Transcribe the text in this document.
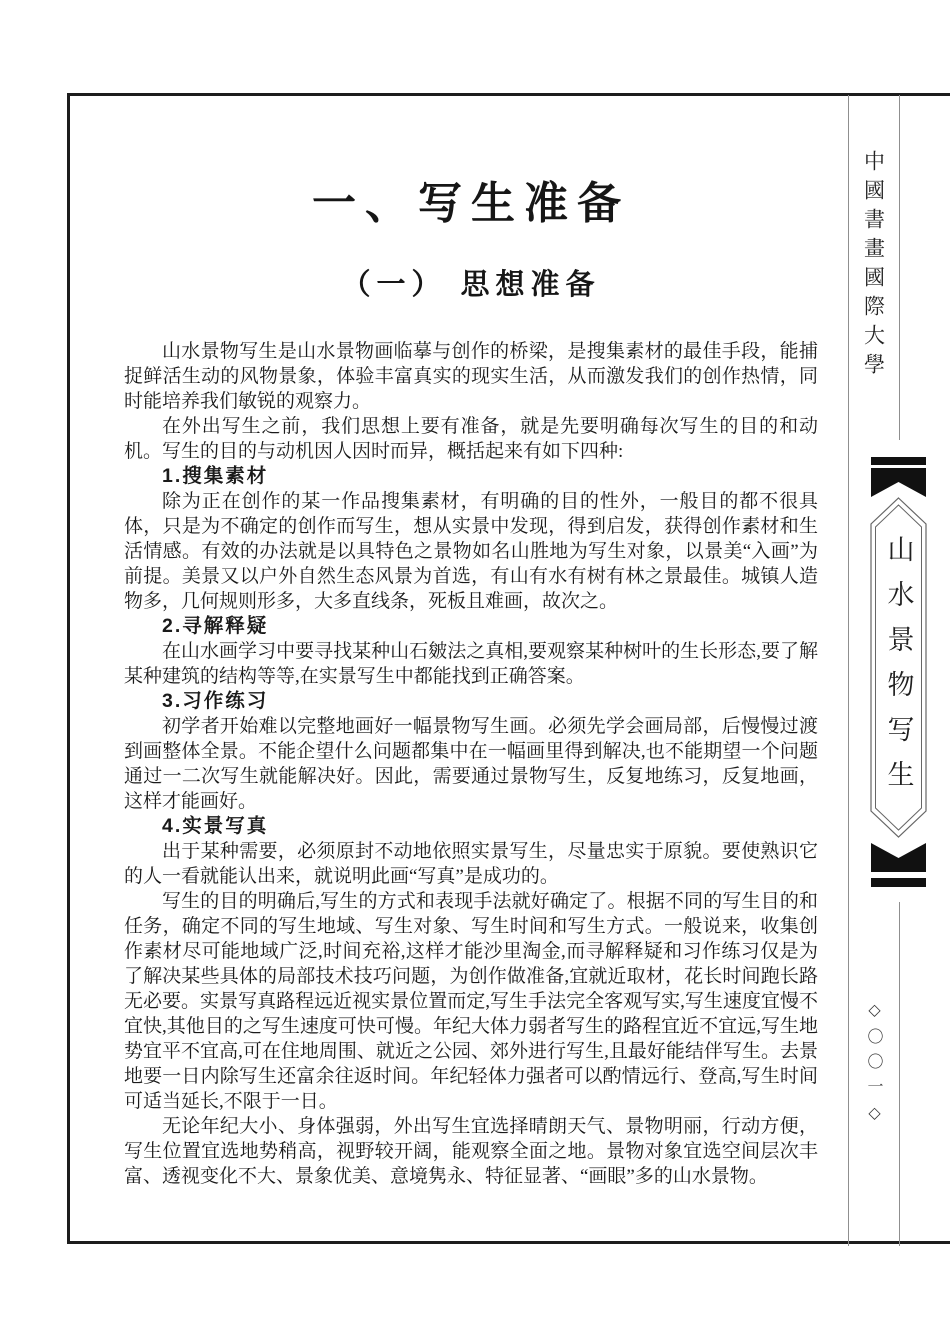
一、写生准备
（一） 思想准备

山水景物写生是山水景物画临摹与创作的桥梁，是搜集素材的最佳手段，能捕捉鲜活生动的风物景象，体验丰富真实的现实生活，从而激发我们的创作热情，同时能培养我们敏锐的观察力。

在外出写生之前，我们思想上要有准备，就是先要明确每次写生的目的和动机。写生的目的与动机因人因时而异，概括起来有如下四种:

1.搜集素材

除为正在创作的某一作品搜集素材，有明确的目的性外，一般目的都不很具体，只是为不确定的创作而写生，想从实景中发现，得到启发，获得创作素材和生活情感。有效的办法就是以具特色之景物如名山胜地为写生对象，以景美“入画”为前提。美景又以户外自然生态风景为首选，有山有水有树有林之景最佳。城镇人造物多，几何规则形多，大多直线条，死板且难画，故次之。

2.寻解释疑

在山水画学习中要寻找某种山石皴法之真相,要观察某种树叶的生长形态,要了解某种建筑的结构等等,在实景写生中都能找到正确答案。

3.习作练习

初学者开始难以完整地画好一幅景物写生画。必须先学会画局部，后慢慢过渡到画整体全景。不能企望什么问题都集中在一幅画里得到解决,也不能期望一个问题通过一二次写生就能解决好。因此，需要通过景物写生，反复地练习，反复地画，这样才能画好。

4.实景写真

出于某种需要，必须原封不动地依照实景写生，尽量忠实于原貌。要使熟识它的人一看就能认出来，就说明此画“写真”是成功的。

写生的目的明确后,写生的方式和表现手法就好确定了。根据不同的写生目的和任务，确定不同的写生地域、写生对象、写生时间和写生方式。一般说来，收集创作素材尽可能地域广泛,时间充裕,这样才能沙里淘金,而寻解释疑和习作练习仅是为了解决某些具体的局部技术技巧问题，为创作做准备,宜就近取材，花长时间跑长路无必要。实景写真路程远近视实景位置而定,写生手法完全客观写实,写生速度宜慢不宜快,其他目的之写生速度可快可慢。年纪大体力弱者写生的路程宜近不宜远,写生地势宜平不宜高,可在住地周围、就近之公园、郊外进行写生,且最好能结伴写生。去景地要一日内除写生还富余往返时间。年纪轻体力强者可以酌情远行、登高,写生时间可适当延长,不限于一日。

无论年纪大小、身体强弱，外出写生宜选择晴朗天气、景物明丽，行动方便，写生位置宜选地势稍高，视野较开阔，能观察全面之地。景物对象宜选空间层次丰富、透视变化不大、景象优美、意境隽永、特征显著、“画眼”多的山水景物。

中國書畫國際大學
山水景物写生
◇〇〇一◇
